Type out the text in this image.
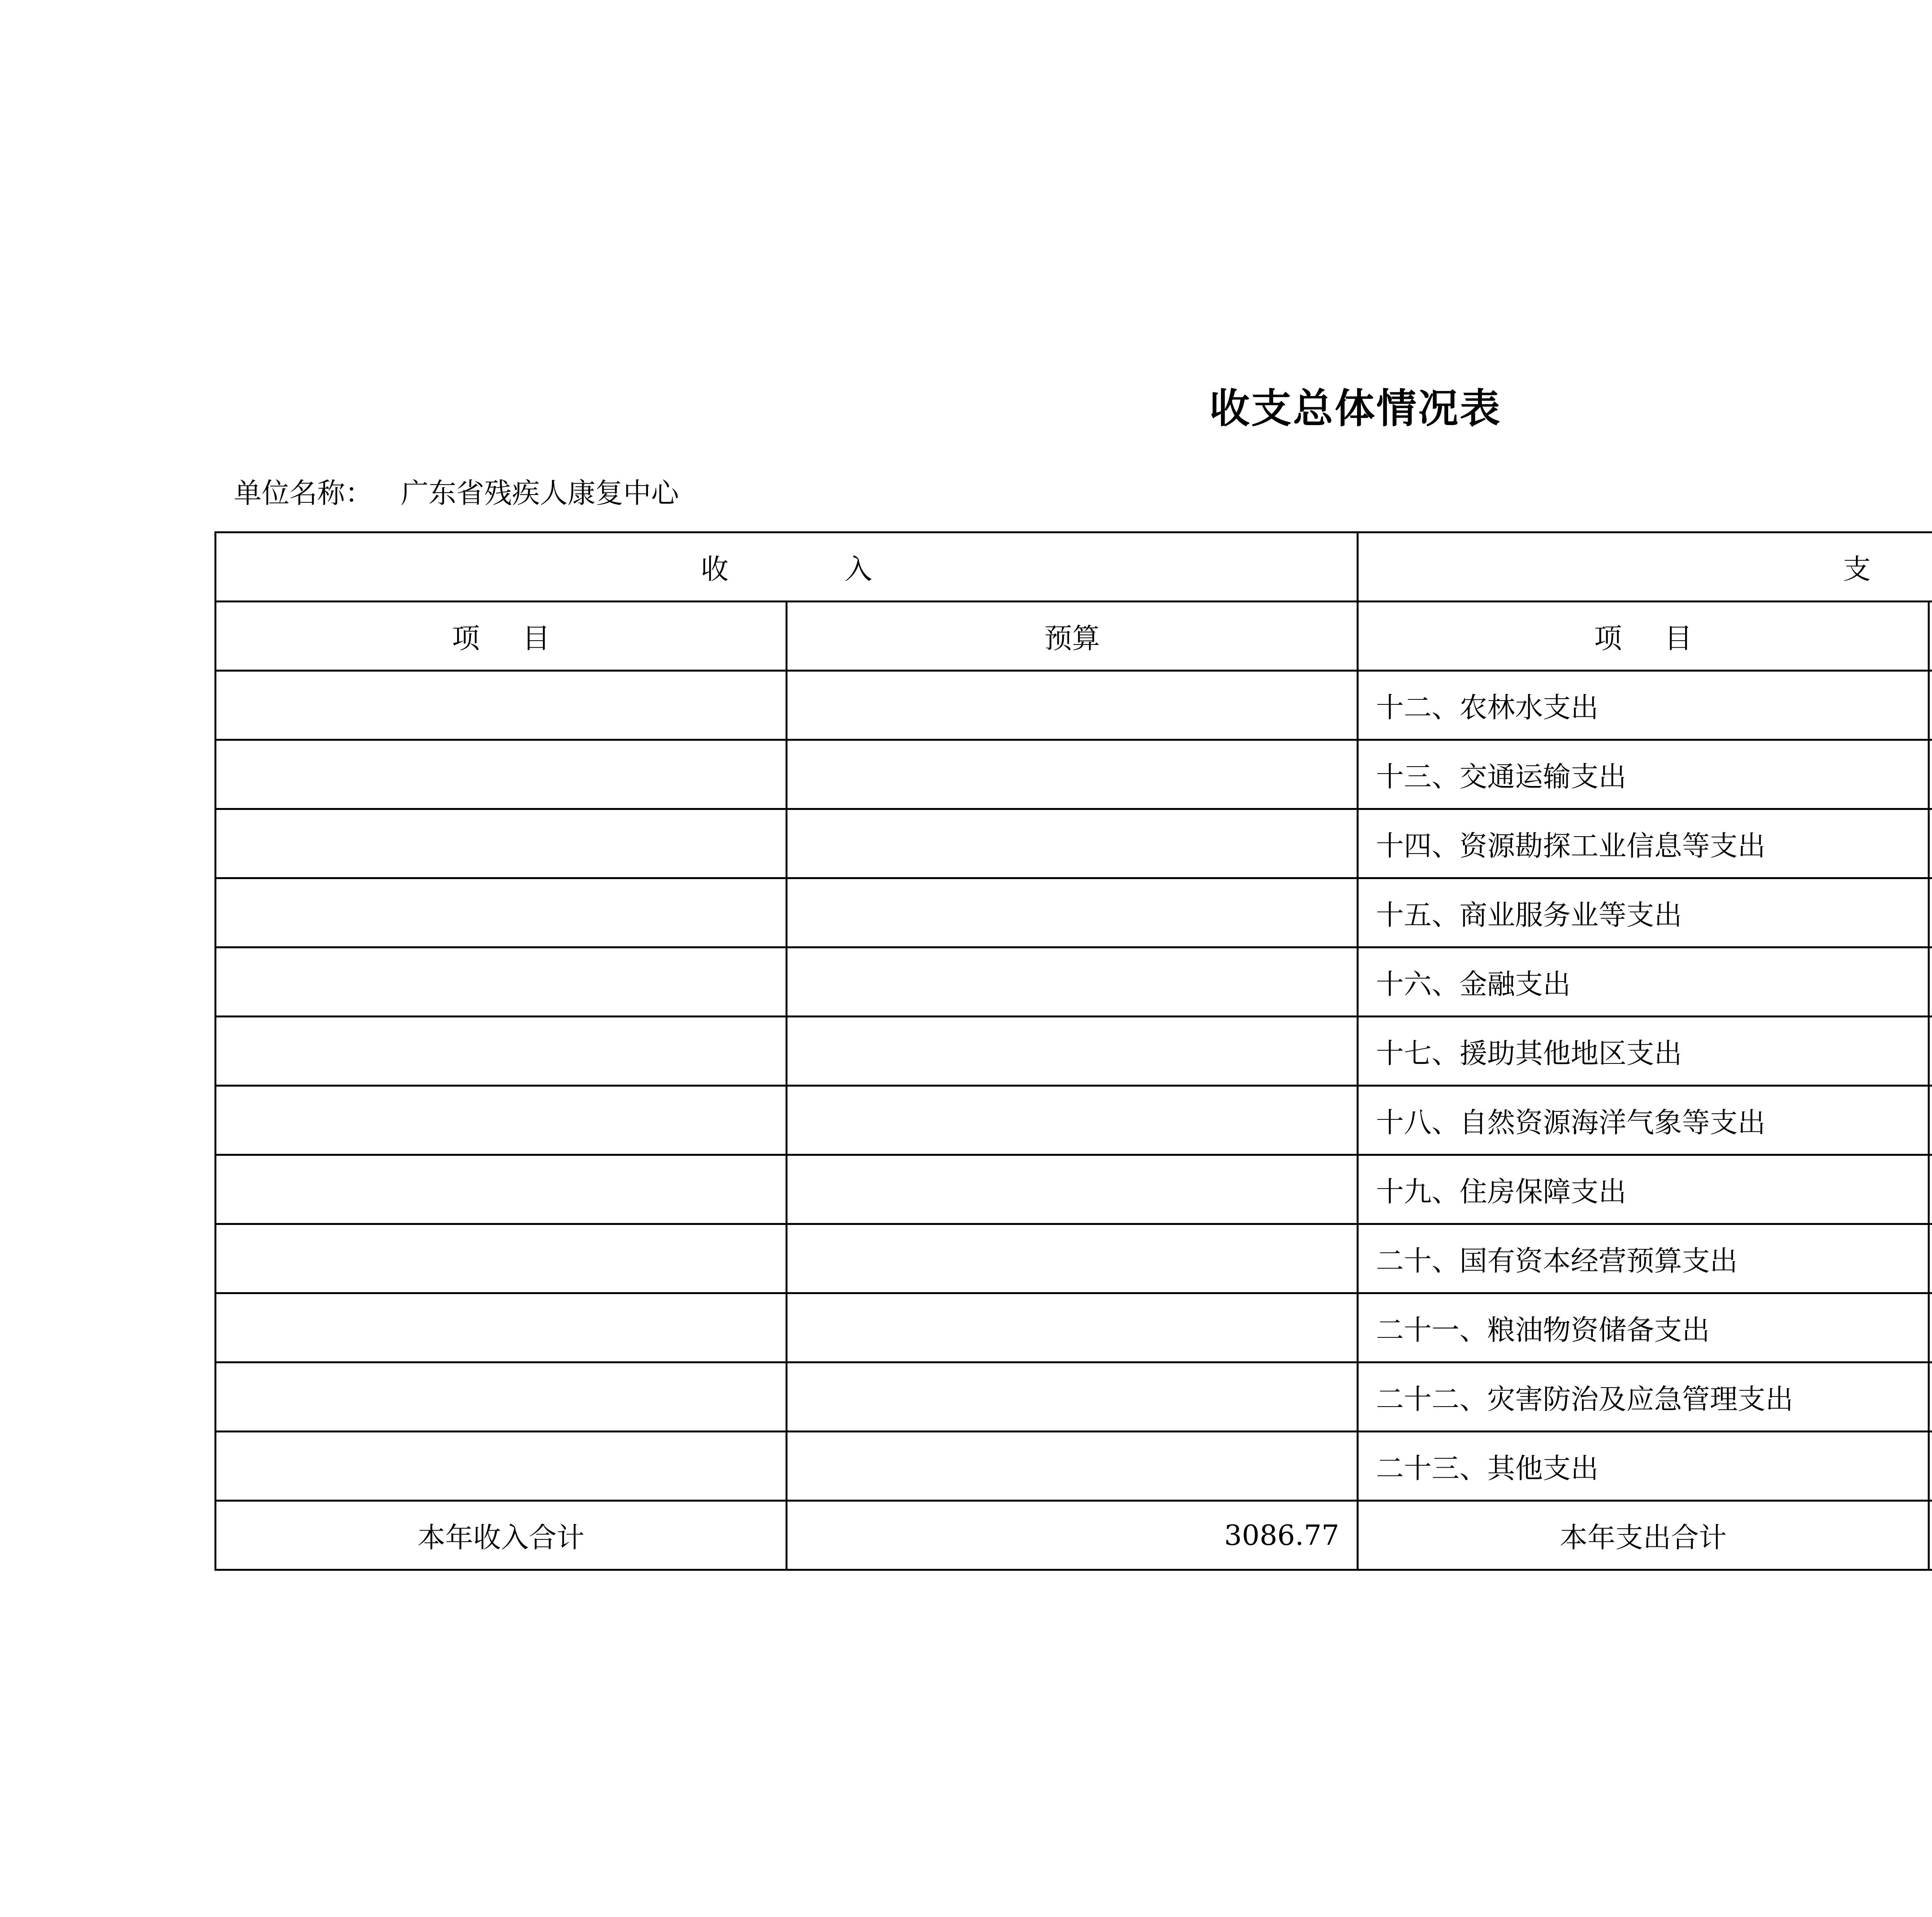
收支总体情况表
单位名称： 广东省残疾人康复中心
收 入		支	
项 目	预算	项 目	
		十二、农林水支出	
		十三、交通运输支出	
		十四、资源勘探工业信息等支出	
		十五、商业服务业等支出	
		十六、金融支出	
		十七、援助其他地区支出	
		十八、自然资源海洋气象等支出	
		十九、住房保障支出	
		二十、国有资本经营预算支出	
		二十一、粮油物资储备支出	
		二十二、灾害防治及应急管理支出	
		二十三、其他支出	
本年收入合计	3086.77	本年支出合计	
